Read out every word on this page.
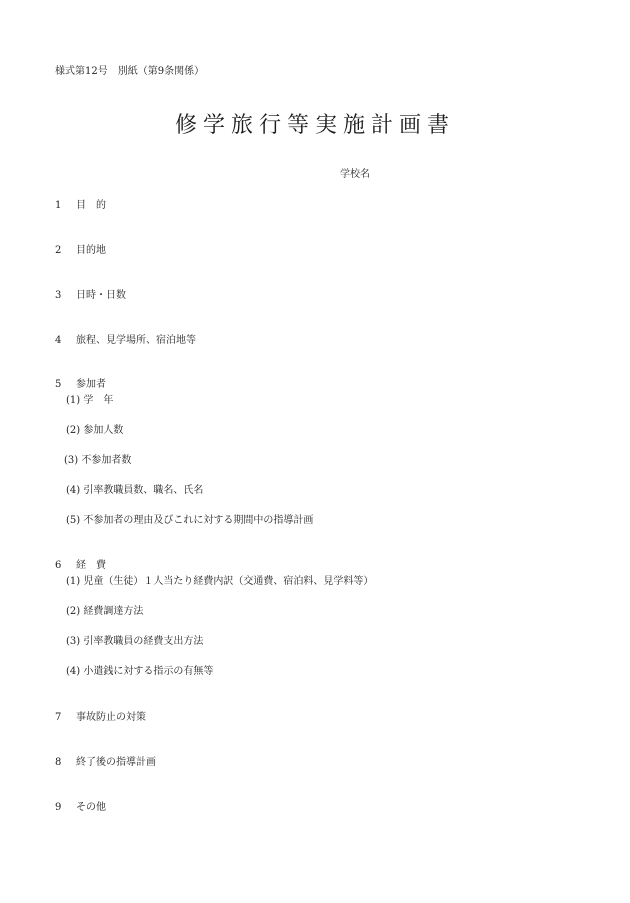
様式第12号　別紙（第9条関係）
修学旅行等実施計画書
学校名
1 目　的
2 目的地
3 日時・日数
4 旅程、見学場所、宿泊地等
5 参加者
(1) 学　年
(2) 参加人数
(3) 不参加者数
(4) 引率教職員数、職名、氏名
(5) 不参加者の理由及びこれに対する期間中の指導計画
6 経　費
(1) 児童（生徒）１人当たり経費内訳（交通費、宿泊料、見学料等）
(2) 経費調達方法
(3) 引率教職員の経費支出方法
(4) 小遣銭に対する指示の有無等
7 事故防止の対策
8 終了後の指導計画
9 その他
